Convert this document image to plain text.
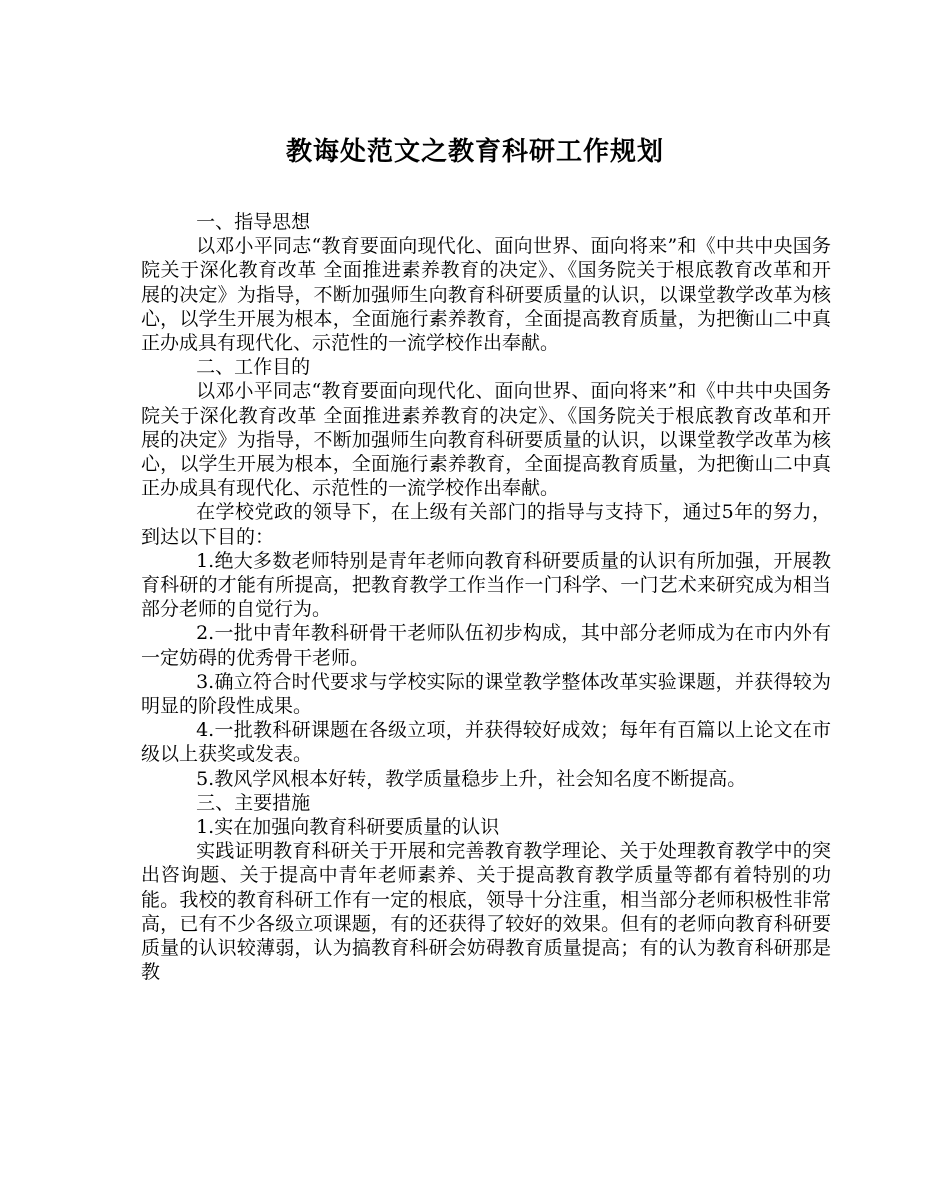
教诲处范文之教育科研工作规划

一、指导思想

以邓小平同志“教育要面向现代化、面向世界、面向将来”和《中共中央国务院关于深化教育改革 全面推进素养教育的决定》、《国务院关于根底教育改革和开展的决定》为指导，不断加强师生向教育科研要质量的认识，以课堂教学改革为核心，以学生开展为根本，全面施行素养教育，全面提高教育质量，为把衡山二中真正办成具有现代化、示范性的一流学校作出奉献。

二、工作目的

以邓小平同志“教育要面向现代化、面向世界、面向将来”和《中共中央国务院关于深化教育改革 全面推进素养教育的决定》、《国务院关于根底教育改革和开展的决定》为指导，不断加强师生向教育科研要质量的认识，以课堂教学改革为核心，以学生开展为根本，全面施行素养教育，全面提高教育质量，为把衡山二中真正办成具有现代化、示范性的一流学校作出奉献。

在学校党政的领导下，在上级有关部门的指导与支持下，通过5年的努力，到达以下目的：

1.绝大多数老师特别是青年老师向教育科研要质量的认识有所加强，开展教育科研的才能有所提高，把教育教学工作当作一门科学、一门艺术来研究成为相当部分老师的自觉行为。

2.一批中青年教科研骨干老师队伍初步构成，其中部分老师成为在市内外有一定妨碍的优秀骨干老师。

3.确立符合时代要求与学校实际的课堂教学整体改革实验课题，并获得较为明显的阶段性成果。

4.一批教科研课题在各级立项，并获得较好成效；每年有百篇以上论文在市级以上获奖或发表。

5.教风学风根本好转，教学质量稳步上升，社会知名度不断提高。

三、主要措施

1.实在加强向教育科研要质量的认识

实践证明教育科研关于开展和完善教育教学理论、关于处理教育教学中的突出咨询题、关于提高中青年老师素养、关于提高教育教学质量等都有着特别的功能。我校的教育科研工作有一定的根底，领导十分注重，相当部分老师积极性非常高，已有不少各级立项课题，有的还获得了较好的效果。但有的老师向教育科研要质量的认识较薄弱，认为搞教育科研会妨碍教育质量提高；有的认为教育科研那是教
